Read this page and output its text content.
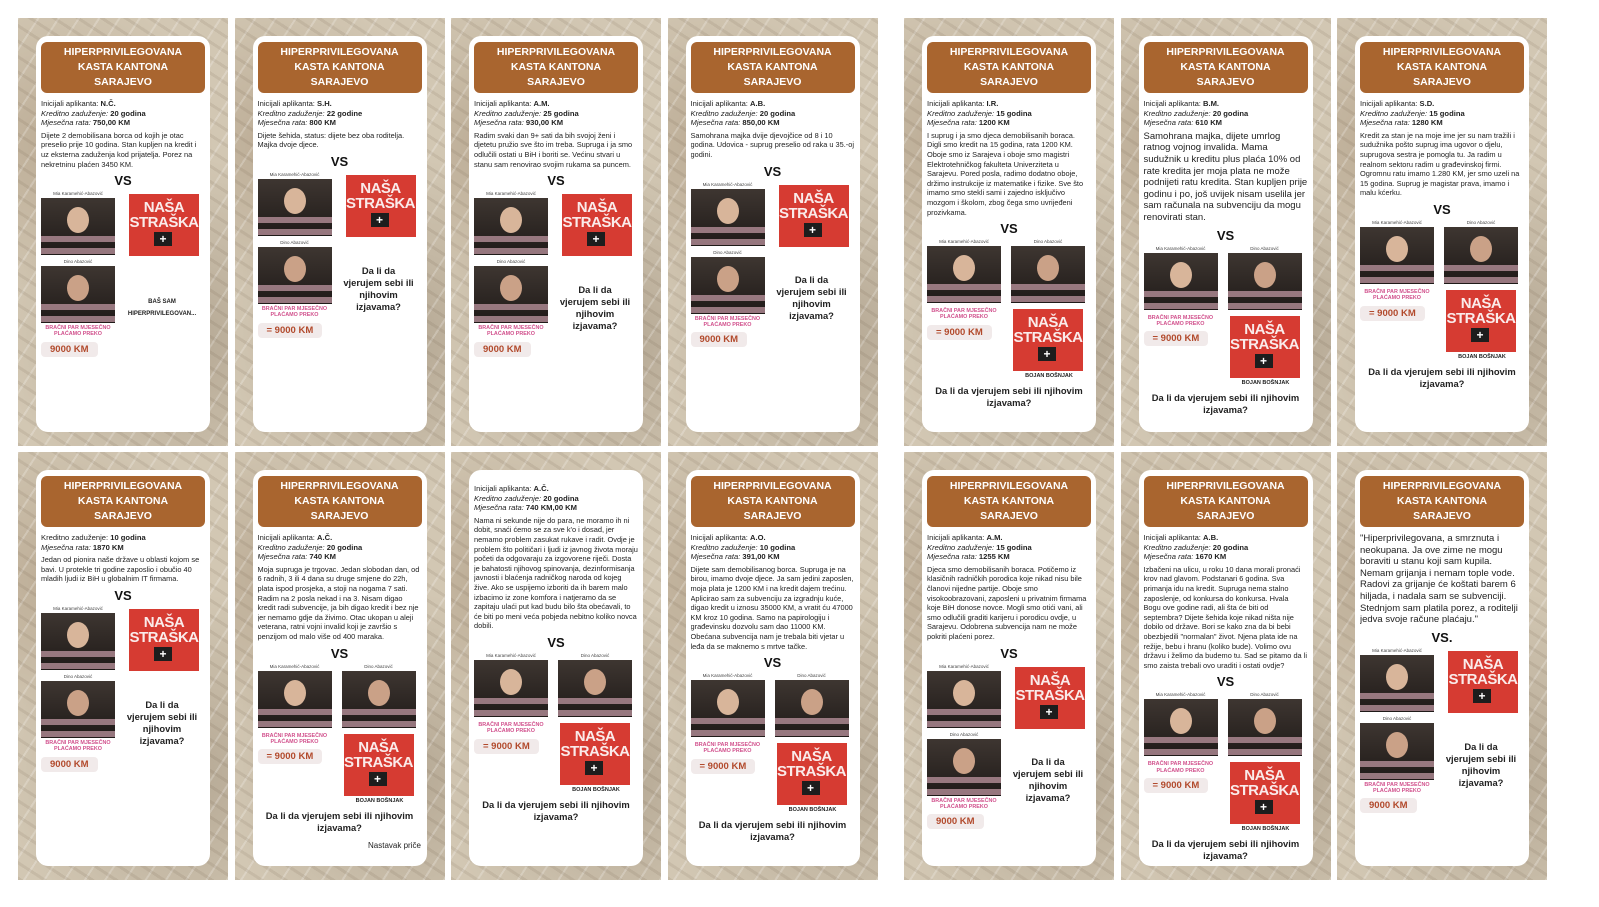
HIPERPRIVILEGOVANA
KASTA KANTONA
SARAJEVO
Inicijali aplikanta: N.Č.
Kreditno zaduženje: 20 godina
Mjesečna rata: 750,00 KM
Dijete 2 demobilisana borca od kojih je otac preselio prije 10 godina. Stan kupljen na kredit i uz eksterna zaduženja kod prijatelja. Porez na nekretninu plaćen 3450 KM.
VS
Mia Karamehić-Abazović
NAŠA STRAŠKA +
Dino Abazović
BRAČNI PAR MJESEČNO PLAĆAMO PREKO
9000 KM
BAŠ SAM HIPERPRIVILEGOVAN...
HIPERPRIVILEGOVANA
KASTA KANTONA
SARAJEVO
Inicijali aplikanta: S.H.
Kreditno zaduženje: 22 godine
Mjesečna rata: 800 KM
Dijete šehida, status: dijete bez oba roditelja. Majka dvoje djece.
VS
Mia Karamehić-Abazović
NAŠA STRAŠKA +
Dino Abazović
BRAČNI PAR MJESEČNO PLAĆAMO PREKO
= 9000 KM
Da li da vjerujem sebi ili njihovim izjavama?
HIPERPRIVILEGOVANA
KASTA KANTONA
SARAJEVO
Inicijali aplikanta: A.M.
Kreditno zaduženje: 25 godina
Mjesečna rata: 930,00 KM
Radim svaki dan 9+ sati da bih svojoj ženi i djetetu pružio sve što im treba. Supruga i ja smo odlučili ostati u BiH i boriti se. Većinu stvari u stanu sam renovirao svojim rukama sa puncem.
VS
Mia Karamehić-Abazović
NAŠA STRAŠKA +
Dino Abazović
BRAČNI PAR MJESEČNO PLAĆAMO PREKO
9000 KM
Da li da vjerujem sebi ili njihovim izjavama?
HIPERPRIVILEGOVANA
KASTA KANTONA
SARAJEVO
Inicijali aplikanta: A.B.
Kreditno zaduženje: 20 godina
Mjesečna rata: 850,00 KM
Samohrana majka dvije djevojčice od 8 i 10 godina. Udovica - suprug preselio od raka u 35.-oj godini.
VS
Mia Karamehić-Abazović
NAŠA STRAŠKA +
Dino Abazović
BRAČNI PAR MJESEČNO PLAĆAMO PREKO
9000 KM
Da li da vjerujem sebi ili njihovim izjavama?
HIPERPRIVILEGOVANA
KASTA KANTONA
SARAJEVO
Inicijali aplikanta: I.R.
Kreditno zaduženje: 15 godina
Mjesečna rata: 1200 KM
I suprug i ja smo djeca demobilisanih boraca. Digli smo kredit na 15 godina, rata 1200 KM. Oboje smo iz Sarajeva i oboje smo magistri Elektrotehničkog fakulteta Univerziteta u Sarajevu. Pored posla, radimo dodatno oboje, držimo instrukcije iz matematike i fizike. Sve što imamo smo stekli sami i zajedno isključivo mozgom i školom, zbog čega smo uvrijeđeni prozivkama.
VS
Mia Karamehić-Abazović	Dino Abazović
BRAČNI PAR MJESEČNO PLAĆAMO PREKO
= 9000 KM
NAŠA STRAŠKA +
BOJAN BOŠNJAK
Da li da vjerujem sebi ili njihovim izjavama?
HIPERPRIVILEGOVANA
KASTA KANTONA
SARAJEVO
Inicijali aplikanta: B.M.
Kreditno zaduženje: 20 godina
Mjesečna rata: 610 KM
Samohrana majka, dijete umrlog ratnog vojnog invalida. Mama sudužnik u kreditu plus plaća 10% od rate kredita jer moja plata ne može podnijeti ratu kredita. Stan kupljen prije godinu i po, još uvijek nisam uselila jer sam računala na subvenciju da mogu renovirati stan.
VS
Mia Karamehić-Abazović	Dino Abazović
BRAČNI PAR MJESEČNO PLAĆAMO PREKO
= 9000 KM
NAŠA STRAŠKA +
BOJAN BOŠNJAK
Da li da vjerujem sebi ili njihovim izjavama?
HIPERPRIVILEGOVANA
KASTA KANTONA
SARAJEVO
Inicijali aplikanta: S.D.
Kreditno zaduženje: 15 godina
Mjesečna rata: 1280 KM
Kredit za stan je na moje ime jer su nam tražili i sudužnika pošto suprug ima ugovor o djelu, suprugova sestra je pomogla tu. Ja radim u realnom sektoru radim u građevinskoj firmi. Ogromnu ratu imamo 1.280 KM, jer smo uzeli na 15 godina. Suprug je magistar prava, imamo i malu kćerku.
VS
Mia Karamehić-Abazović	Dino Abazović
BRAČNI PAR MJESEČNO PLAĆAMO PREKO
= 9000 KM
NAŠA STRAŠKA +
BOJAN BOŠNJAK
Da li da vjerujem sebi ili njihovim izjavama?
HIPERPRIVILEGOVANA
KASTA KANTONA
SARAJEVO
Kreditno zaduženje: 10 godina
Mjesečna rata: 1870 KM
Jedan od pionira naše države u oblasti kojom se bavi. U protekle tri godine zaposlio i obučio 40 mladih ljudi iz BiH u globalnim IT firmama.
VS
Mia Karamehić-Abazović
NAŠA STRAŠKA +
Dino Abazović
BRAČNI PAR MJESEČNO PLAĆAMO PREKO
9000 KM
Da li da vjerujem sebi ili njihovim izjavama?
HIPERPRIVILEGOVANA
KASTA KANTONA
SARAJEVO
Inicijali aplikanta: A.Č.
Kreditno zaduženje: 20 godina
Mjesečna rata: 740 KM
Moja supruga je trgovac. Jedan slobodan dan, od 6 radnih, 3 ili 4 dana su druge smjene do 22h, plata ispod prosjeka, a stoji na nogama 7 sati. Radim na 2 posla nekad i na 3. Nisam digao kredit radi subvencije, ja bih digao kredit i bez nje jer nemamo gdje da živimo. Otac ukopan u aleji veterana, ratni vojni invalid koji je završio s penzijom od malo više od 400 maraka.
VS
Mia Karamehić-Abazović	Dino Abazović
BRAČNI PAR MJESEČNO PLAĆAMO PREKO
= 9000 KM
NAŠA STRAŠKA +
BOJAN BOŠNJAK
Da li da vjerujem sebi ili njihovim izjavama?
Inicijali aplikanta: A.Č.
Kreditno zaduženje: 20 godina
Mjesečna rata: 740 KM,00 KM
Nama ni sekunde nije do para, ne moramo ih ni dobit, snaći ćemo se za sve k'o i dosad, jer nemamo problem zasukat rukave i radit. Ovdje je problem što političari i ljudi iz javnog života moraju početi da odgovaraju za izgovorene riječi. Dosta je bahatosti njihovog spinovanja, dezinformisanja javnosti i blaćenja radničkog naroda od kojeg žive. Ako se uspijemo izboriti da ih barem malo izbacimo iz zone komfora i natjeramo da se zapitaju ulaći put kad budu bilo šta obećavali, to će biti po meni veća pobjeda nebitno koliko novca dobili.
VS
Mia Karamehić-Abazović	Dino Abazović
BRAČNI PAR MJESEČNO PLAĆAMO PREKO
= 9000 KM
NAŠA STRAŠKA +
BOJAN BOŠNJAK
Da li da vjerujem sebi ili njihovim izjavama?
HIPERPRIVILEGOVANA
KASTA KANTONA
SARAJEVO
Inicijali aplikanta: A.O.
Kreditno zaduženje: 10 godina
Mjesečna rata: 391,00 KM
Dijete sam demobilisanog borca. Supruga je na birou, imamo dvoje djece. Ja sam jedini zaposlen, moja plata je 1200 KM i na kredit dajem trećinu. Aplicirao sam za subvenciju za izgradnju kuće, digao kredit u iznosu 35000 KM, a vratit ću 47000 KM kroz 10 godina. Samo na papirologiju i građevinsku dozvolu sam dao 11000 KM. Obećana subvencija nam je trebala biti vjetar u leđa da se maknemo s mrtve tačke.
VS
Mia Karamehić-Abazović	Dino Abazović
BRAČNI PAR MJESEČNO PLAĆAMO PREKO
= 9000 KM
NAŠA STRAŠKA +
BOJAN BOŠNJAK
Da li da vjerujem sebi ili njihovim izjavama?
HIPERPRIVILEGOVANA
KASTA KANTONA
SARAJEVO
Inicijali aplikanta: A.M.
Kreditno zaduženje: 15 godina
Mjesečna rata: 1255 KM
Djeca smo demobilisanih boraca. Potičemo iz klasičnih radničkih porodica koje nikad nisu bile članovi nijedne partije. Oboje smo visokoobrazovani, zaposleni u privatnim firmama koje BiH donose novce. Mogli smo otići vani, ali smo odlučili graditi karijeru i porodicu ovdje, u Sarajevu. Odobrena subvencija nam ne može pokriti plaćeni porez.
VS
Mia Karamehić-Abazović
NAŠA STRAŠKA +
Dino Abazović
BRAČNI PAR MJESEČNO PLAĆAMO PREKO
9000 KM
Da li da vjerujem sebi ili njihovim izjavama?
HIPERPRIVILEGOVANA
KASTA KANTONA
SARAJEVO
Inicijali aplikanta: A.B.
Kreditno zaduženje: 20 godina
Mjesečna rata: 1670 KM
Izbačeni na ulicu, u roku 10 dana morali pronaći krov nad glavom. Podstanari 6 godina. Sva primanja idu na kredit. Supruga nema stalno zaposlenje, od konkursa do konkursa. Hvala Bogu ove godine radi, ali šta će biti od septembra? Dijete šehida koje nikad ništa nije dobilo od države. Bori se kako zna da bi bebi obezbjedili "normalan" život. Njena plata ide na režije, bebu i hranu (koliko bude). Volimo ovu državu i želimo da budemo tu. Sad se pitamo da li smo zaista trebali ovo uraditi i ostati ovdje?
VS
Mia Karamehić-Abazović	Dino Abazović
BRAČNI PAR MJESEČNO PLAĆAMO PREKO
= 9000 KM
NAŠA STRAŠKA +
BOJAN BOŠNJAK
Da li da vjerujem sebi ili njihovim izjavama?
HIPERPRIVILEGOVANA
KASTA KANTONA
SARAJEVO
"Hiperprivilegovana, a smrznuta i neokupana. Ja ove zime ne mogu boraviti u stanu koji sam kupila. Nemam grijanja i nemam tople vode. Radovi za grijanje će koštati barem 6 hiljada, i nadala sam se subvenciji. Stednjom sam platila porez, a roditelji jedva svoje račune plaćaju."
VS.
Mia Karamehić-Abazović
NAŠA STRAŠKA +
Dino Abazović
BRAČNI PAR MJESEČNO PLAĆAMO PREKO
9000 KM
Da li da vjerujem sebi ili njihovim izjavama?
Nastavak priče
